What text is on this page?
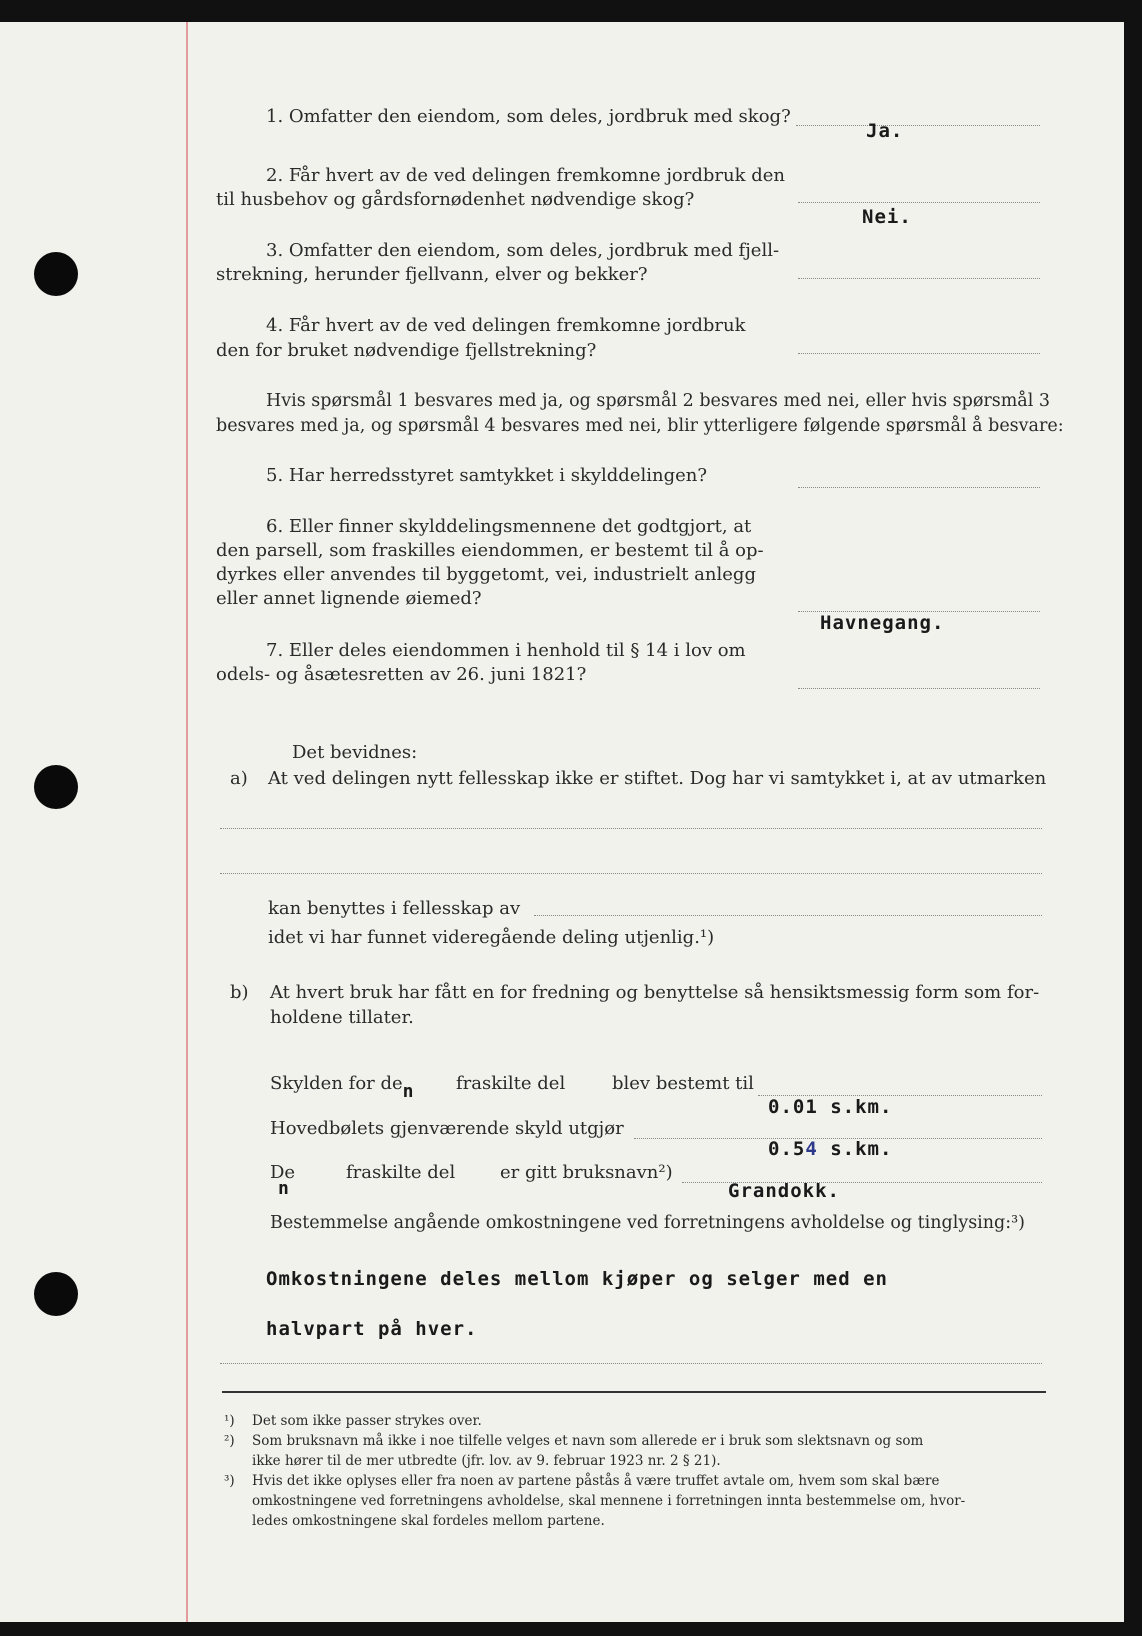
1. Omfatter den eiendom, som deles, jordbruk med skog?
Ja.
2. Får hvert av de ved delingen fremkomne jordbruk den
til husbehov og gårdsfornødenhet nødvendige skog?
Nei.
3. Omfatter den eiendom, som deles, jordbruk med fjell-
strekning, herunder fjellvann, elver og bekker?
4. Får hvert av de ved delingen fremkomne jordbruk
den for bruket nødvendige fjellstrekning?
Hvis spørsmål 1 besvares med ja, og spørsmål 2 besvares med nei, eller hvis spørsmål 3
besvares med ja, og spørsmål 4 besvares med nei, blir ytterligere følgende spørsmål å besvare:
5. Har herredsstyret samtykket i skylddelingen?
6. Eller finner skylddelingsmennene det godtgjort, at
den parsell, som fraskilles eiendommen, er bestemt til å op-
dyrkes eller anvendes til byggetomt, vei, industrielt anlegg
eller annet lignende øiemed?
Havnegang.
7. Eller deles eiendommen i henhold til § 14 i lov om
odels- og åsætesretten av 26. juni 1821?
Det bevidnes:
a) At ved delingen nytt fellesskap ikke er stiftet. Dog har vi samtykket i, at av utmarken
kan benyttes i fellesskap av
idet vi har funnet videregående deling utjenlig.¹)
b) At hvert bruk har fått en for fredning og benyttelse så hensiktsmessig form som for-
holdene tillater.
Skylden for den fraskilte del	blev bestemt til
0.01 s.km.
Hovedbølets gjenværende skyld utgjør
0.54 s.km.
De
n
fraskilte del er gitt bruksnavn²)
Grandokk.
Bestemmelse angående omkostningene ved forretningens avholdelse og tinglysing:³)
Omkostningene deles mellom kjøper og selger med en
halvpart på hver.
¹) Det som ikke passer strykes over.
²) Som bruksnavn må ikke i noe tilfelle velges et navn som allerede er i bruk som slektsnavn og som
ikke hører til de mer utbredte (jfr. lov. av 9. februar 1923 nr. 2 § 21).
³) Hvis det ikke oplyses eller fra noen av partene påstås å være truffet avtale om, hvem som skal bære
omkostningene ved forretningens avholdelse, skal mennene i forretningen innta bestemmelse om, hvor-
ledes omkostningene skal fordeles mellom partene.
